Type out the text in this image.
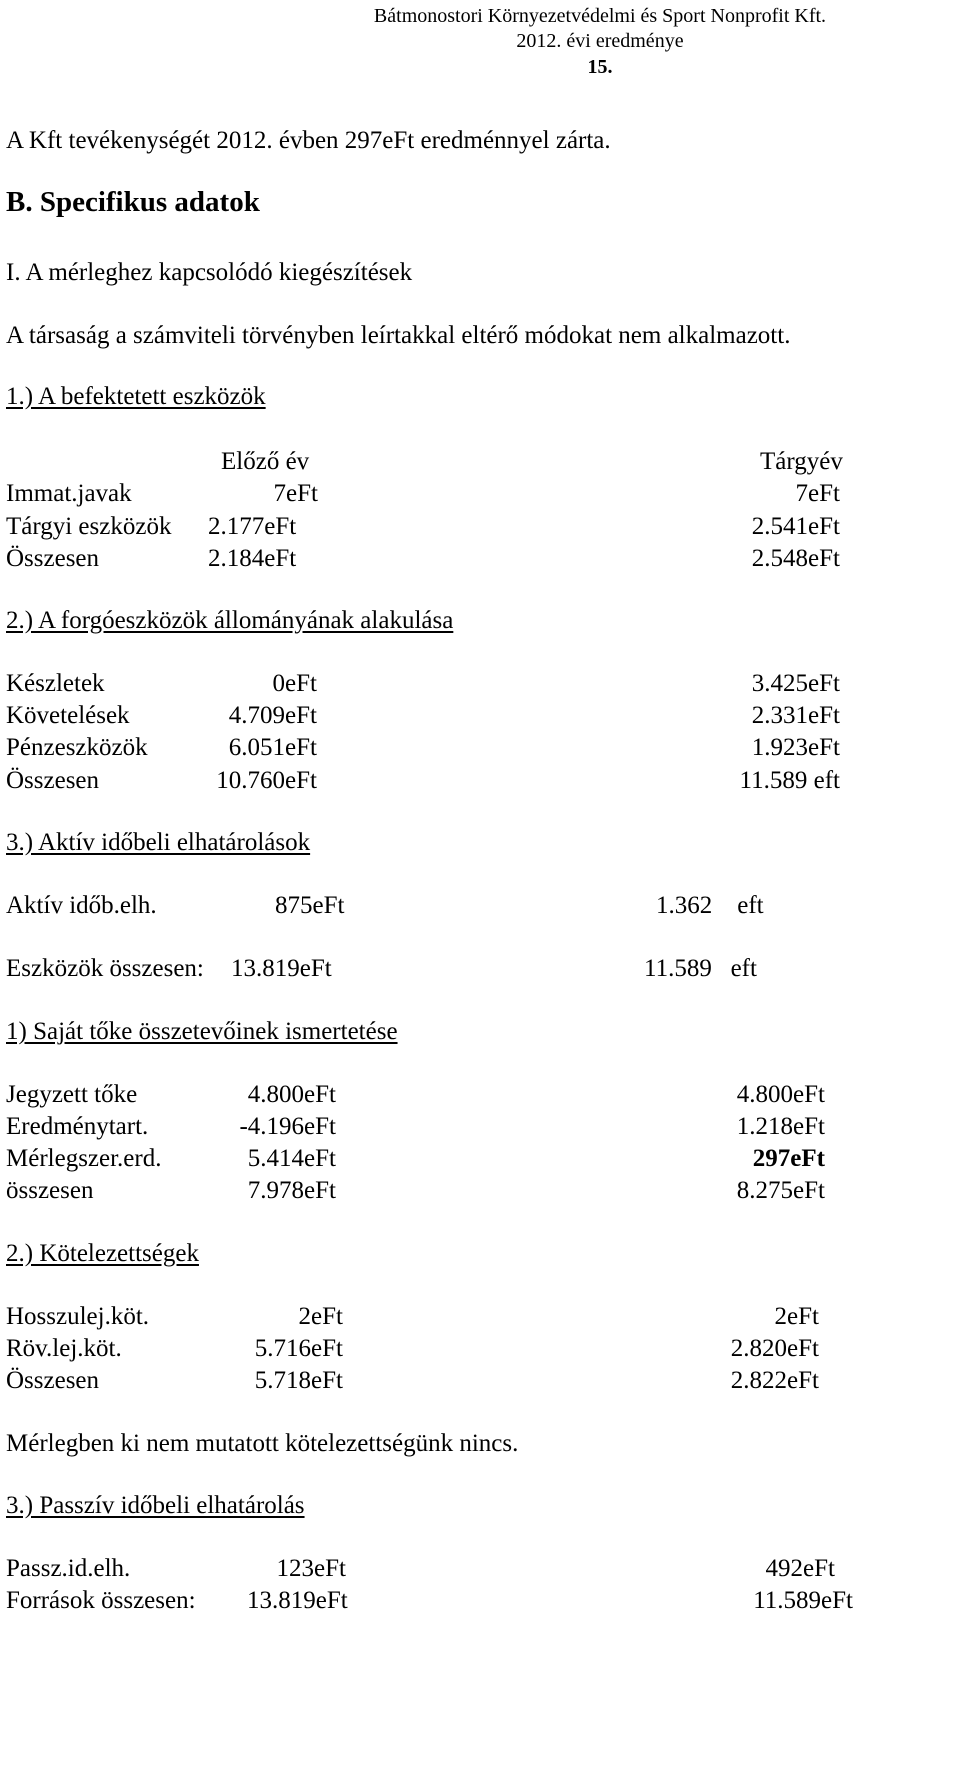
Bátmonostori Környezetvédelmi és Sport Nonprofit Kft.
2012. évi eredménye
15.
A Kft tevékenységét 2012. évben 297eFt eredménnyel zárta.
B. Specifikus adatok
I. A mérleghez kapcsolódó kiegészítések
A társaság a számviteli törvényben leírtakkal eltérő módokat nem alkalmazott.
1.) A befektetett eszközök
Előző év	Tárgyév
Immat.javak	7eFt	7eFt
Tárgyi eszközök 2.177eFt	2.541eFt
Összesen	2.184eFt	2.548eFt
2.) A forgóeszközök állományának alakulása
Készletek	0eFt	3.425eFt
Követelések	4.709eFt	2.331eFt
Pénzeszközök	6.051eFt	1.923eFt
Összesen	10.760eFt	11.589 eft
3.) Aktív időbeli elhatárolások
Aktív időb.elh.	875eFt	1.362    eft
Eszközök összesen: 13.819eFt	11.589   eft
1) Saját tőke összetevőinek ismertetése
Jegyzett tőke	4.800eFt	4.800eFt
Eredménytart.	-4.196eFt	1.218eFt
Mérlegszer.erd.	5.414eFt	297eFt
összesen	7.978eFt	8.275eFt
2.) Kötelezettségek
Hosszulej.köt.	2eFt	2eFt
Röv.lej.köt.	5.716eFt	2.820eFt
Összesen	5.718eFt	2.822eFt
Mérlegben ki nem mutatott kötelezettségünk nincs.
3.) Passzív időbeli elhatárolás
Passz.id.elh.	123eFt	492eFt
Források összesen: 13.819eFt	11.589eFt
